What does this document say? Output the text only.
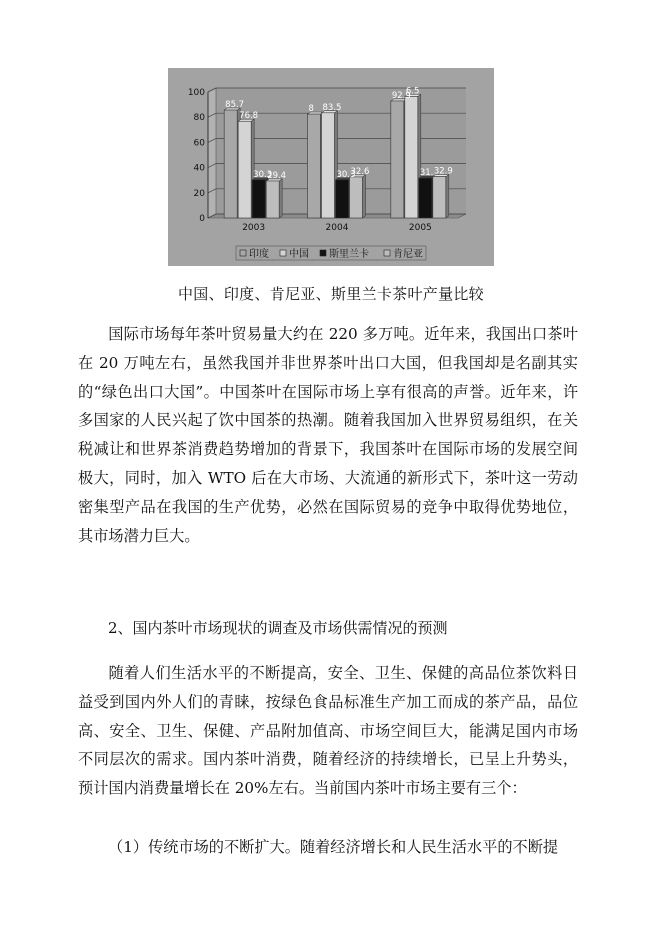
0
20
40
60
80
100
2003	2004	2005
85.7
76.8
30.3
29.4
8 83.5
30.3
32.6
92.9
6.5
31. 32.9
印度 中国 斯里兰卡 肯尼亚
中国、印度、肯尼亚、斯里兰卡茶叶产量比较
国际市场每年茶叶贸易量大约在 220 多万吨。近年来，我国出口茶叶在 20 万吨左右，虽然我国并非世界茶叶出口大国，但我国却是名副其实的“绿色出口大国”。中国茶叶在国际市场上享有很高的声誉。近年来，许多国家的人民兴起了饮中国茶的热潮。随着我国加入世界贸易组织，在关税减让和世界茶消费趋势增加的背景下，我国茶叶在国际市场的发展空间极大，同时，加入 WTO 后在大市场、大流通的新形式下，茶叶这一劳动密集型产品在我国的生产优势，必然在国际贸易的竞争中取得优势地位，其市场潜力巨大。
2、国内茶叶市场现状的调查及市场供需情况的预测
随着人们生活水平的不断提高，安全、卫生、保健的高品位茶饮料日益受到国内外人们的青睐，按绿色食品标准生产加工而成的茶产品，品位高、安全、卫生、保健、产品附加值高、市场空间巨大，能满足国内市场不同层次的需求。国内茶叶消费，随着经济的持续增长，已呈上升势头，预计国内消费量增长在 20%左右。当前国内茶叶市场主要有三个：
（1）传统市场的不断扩大。随着经济增长和人民生活水平的不断提
